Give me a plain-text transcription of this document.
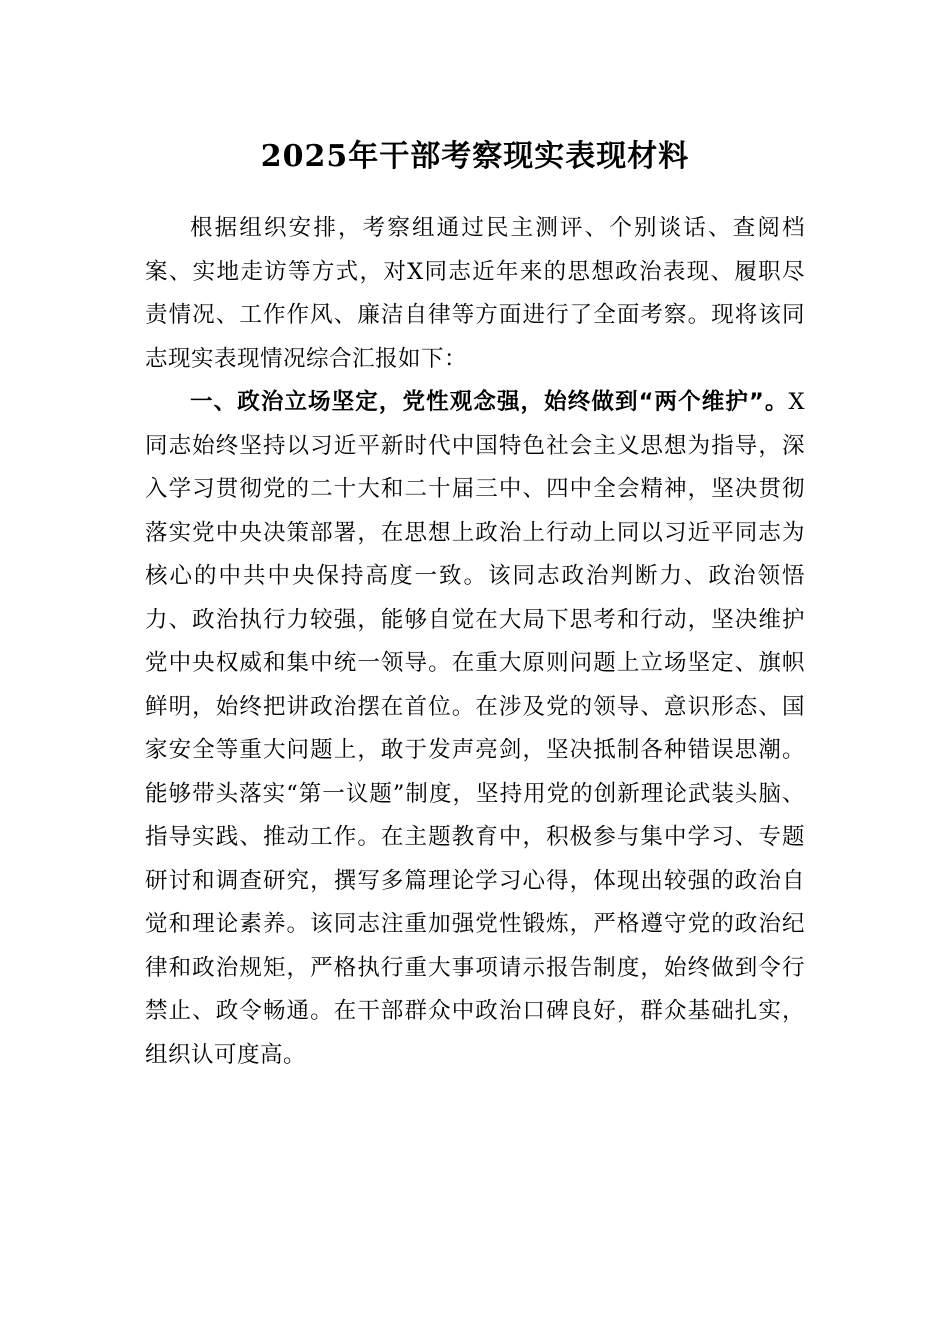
2025年干部考察现实表现材料

根据组织安排，考察组通过民主测评、个别谈话、查阅档案、实地走访等方式，对X同志近年来的思想政治表现、履职尽责情况、工作作风、廉洁自律等方面进行了全面考察。现将该同志现实表现情况综合汇报如下：

一、政治立场坚定，党性观念强，始终做到“两个维护”。X同志始终坚持以习近平新时代中国特色社会主义思想为指导，深入学习贯彻党的二十大和二十届三中、四中全会精神，坚决贯彻落实党中央决策部署，在思想上政治上行动上同以习近平同志为核心的中共中央保持高度一致。该同志政治判断力、政治领悟力、政治执行力较强，能够自觉在大局下思考和行动，坚决维护党中央权威和集中统一领导。在重大原则问题上立场坚定、旗帜鲜明，始终把讲政治摆在首位。在涉及党的领导、意识形态、国家安全等重大问题上，敢于发声亮剑，坚决抵制各种错误思潮。能够带头落实“第一议题”制度，坚持用党的创新理论武装头脑、指导实践、推动工作。在主题教育中，积极参与集中学习、专题研讨和调查研究，撰写多篇理论学习心得，体现出较强的政治自觉和理论素养。该同志注重加强党性锻炼，严格遵守党的政治纪律和政治规矩，严格执行重大事项请示报告制度，始终做到令行禁止、政令畅通。在干部群众中政治口碑良好，群众基础扎实，组织认可度高。
